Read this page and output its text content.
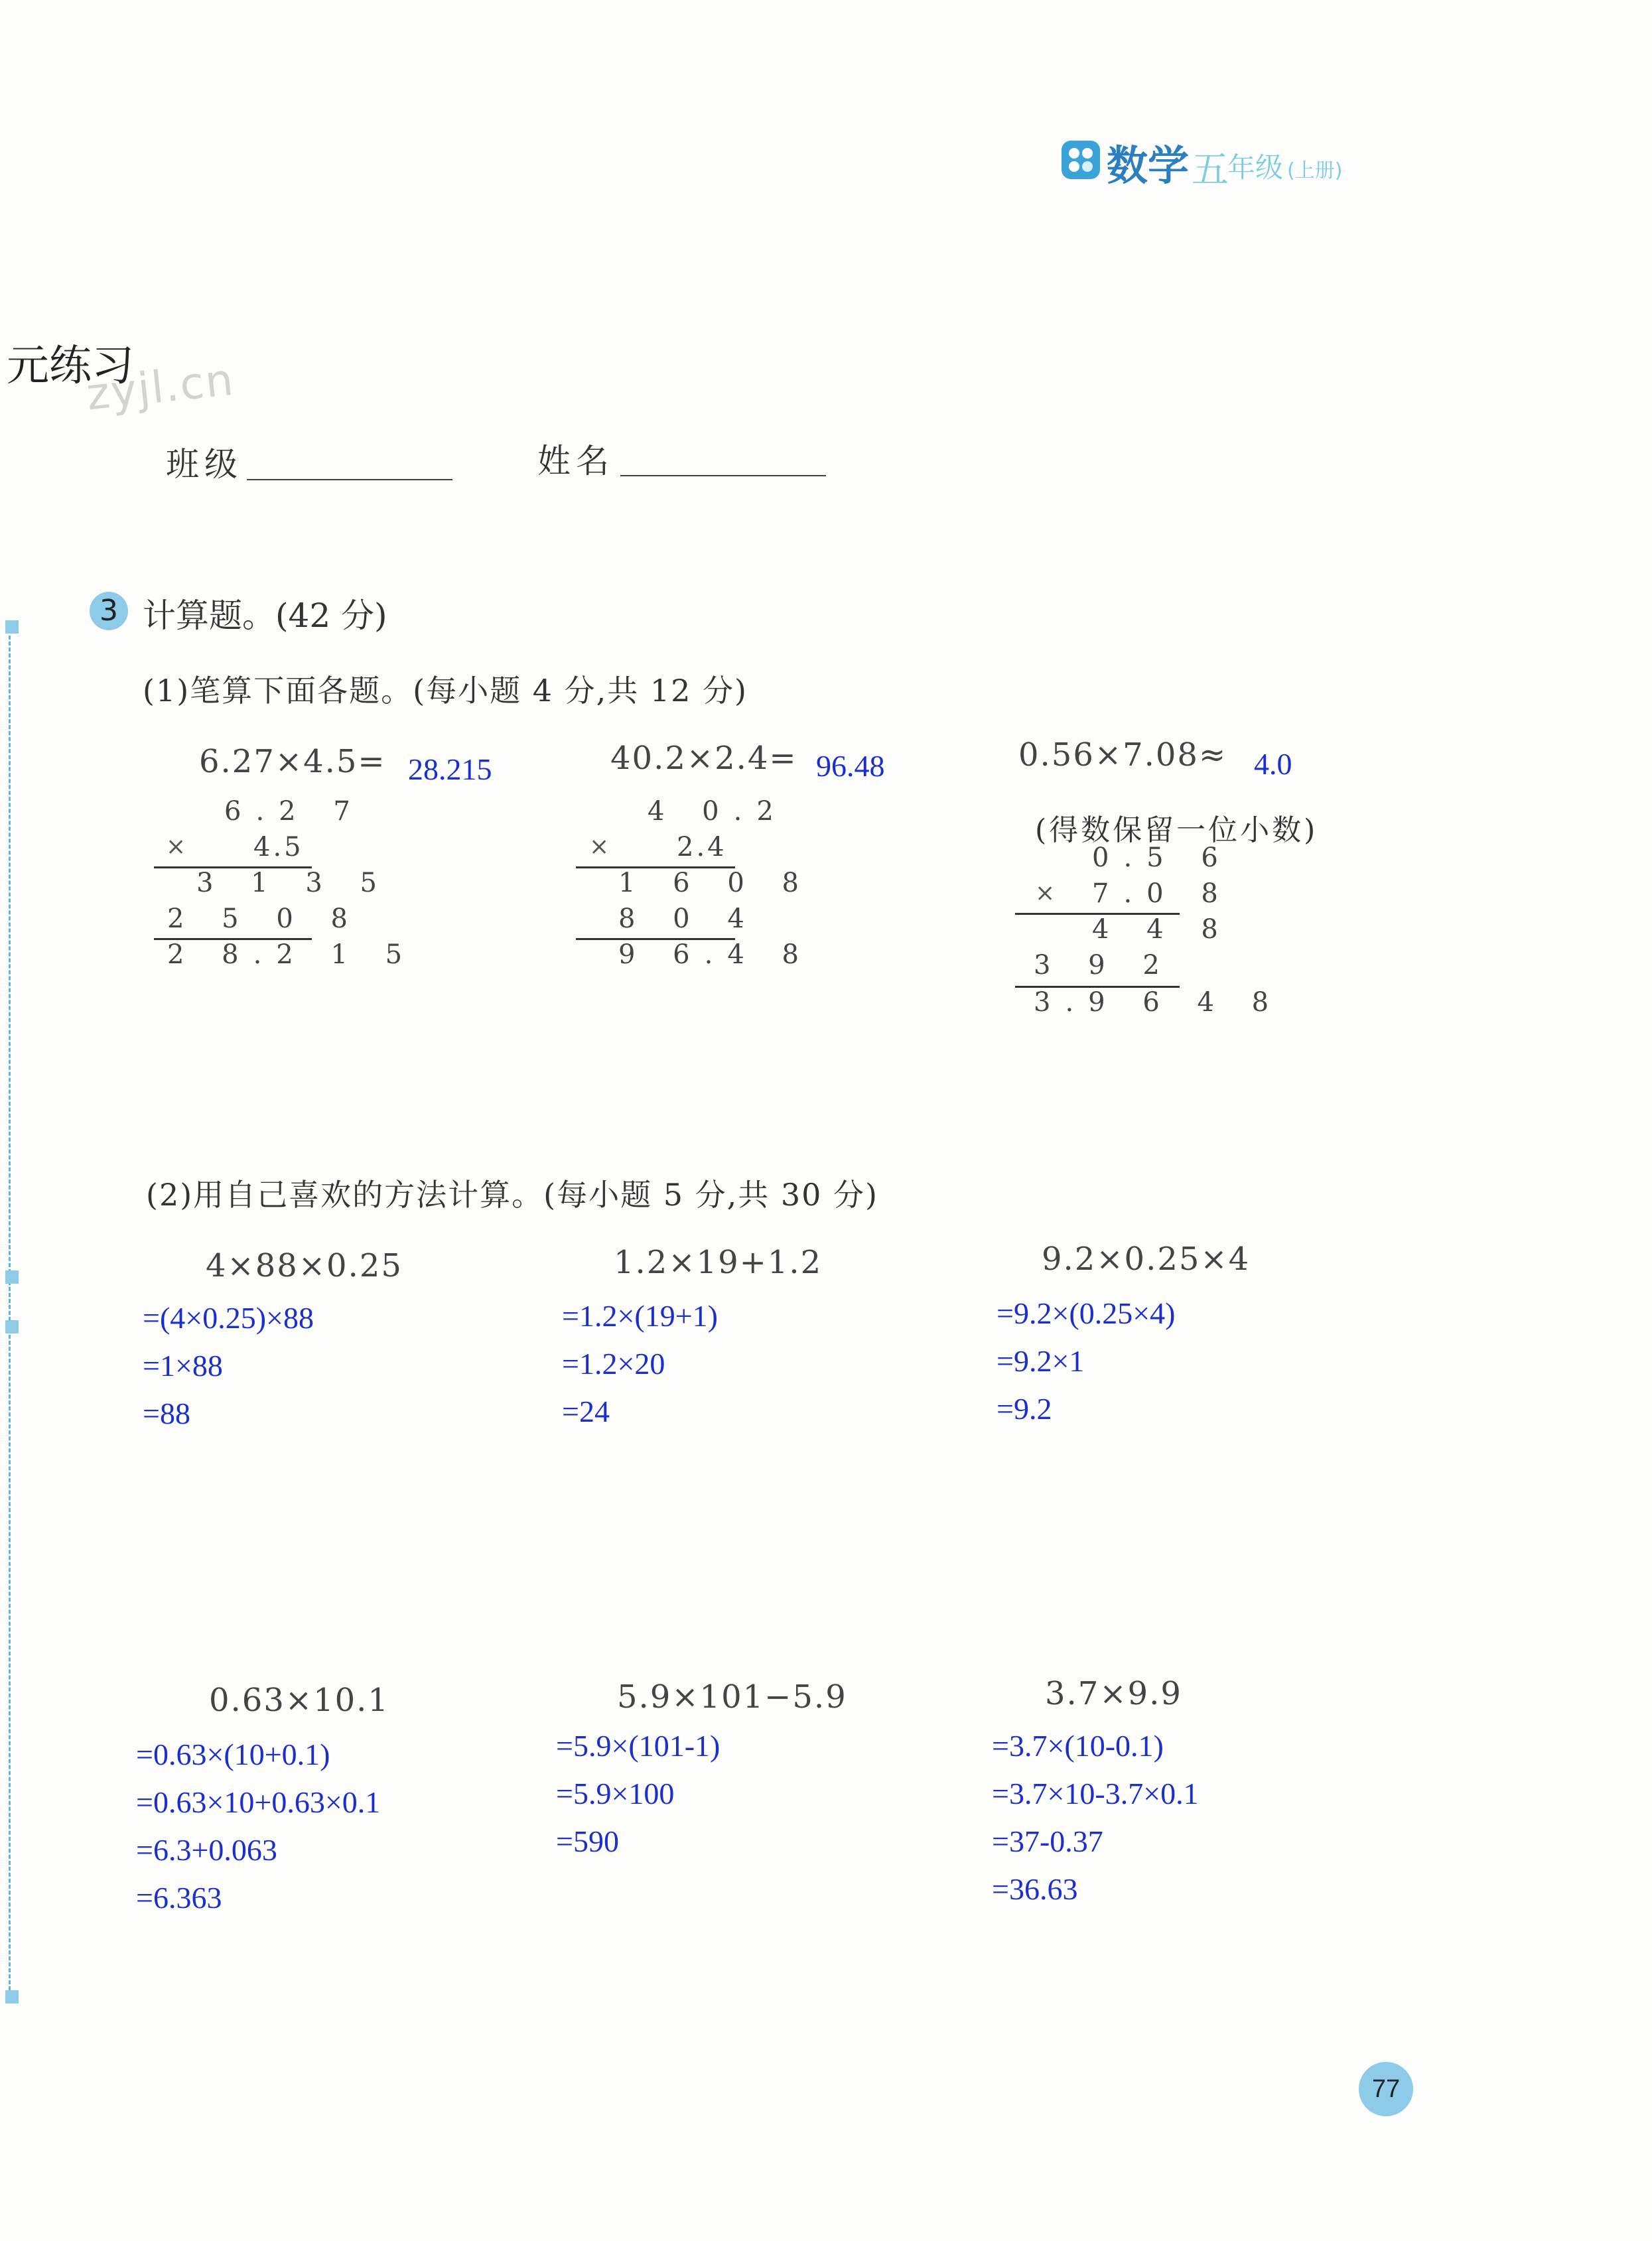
数学 五
年级 (上册)
元练习
zyjl.cn
班级	姓名
3 计算题。(42 分)
(1)笔算下面各题。(每小题 4 分,共 12 分)
6.27×4.5= 28.215
6.2 7
×	4.5
3 1 3 5
2 5 0 8
2 8.2 1 5
40.2×2.4= 96.48
4 0.2
×	2.4
1 6 0 8
8 0 4
9 6.4 8
0.56×7.08≈ 4.0
(得数保留一位小数)
0.5 6
× 7.0 8
4 4 8
3 9 2
3.9 6 4 8
(2)用自己喜欢的方法计算。(每小题 5 分,共 30 分)
4×88×0.25
=(4×0.25)×88
=1×88
=88
1.2×19+1.2
=1.2×(19+1)
=1.2×20
=24
9.2×0.25×4
=9.2×(0.25×4)
=9.2×1
=9.2
0.63×10.1
=0.63×(10+0.1)
=0.63×10+0.63×0.1
=6.3+0.063
=6.363
5.9×101−5.9
=5.9×(101-1)
=5.9×100
=590
3.7×9.9
=3.7×(10-0.1)
=3.7×10-3.7×0.1
=37-0.37
=36.63
77
